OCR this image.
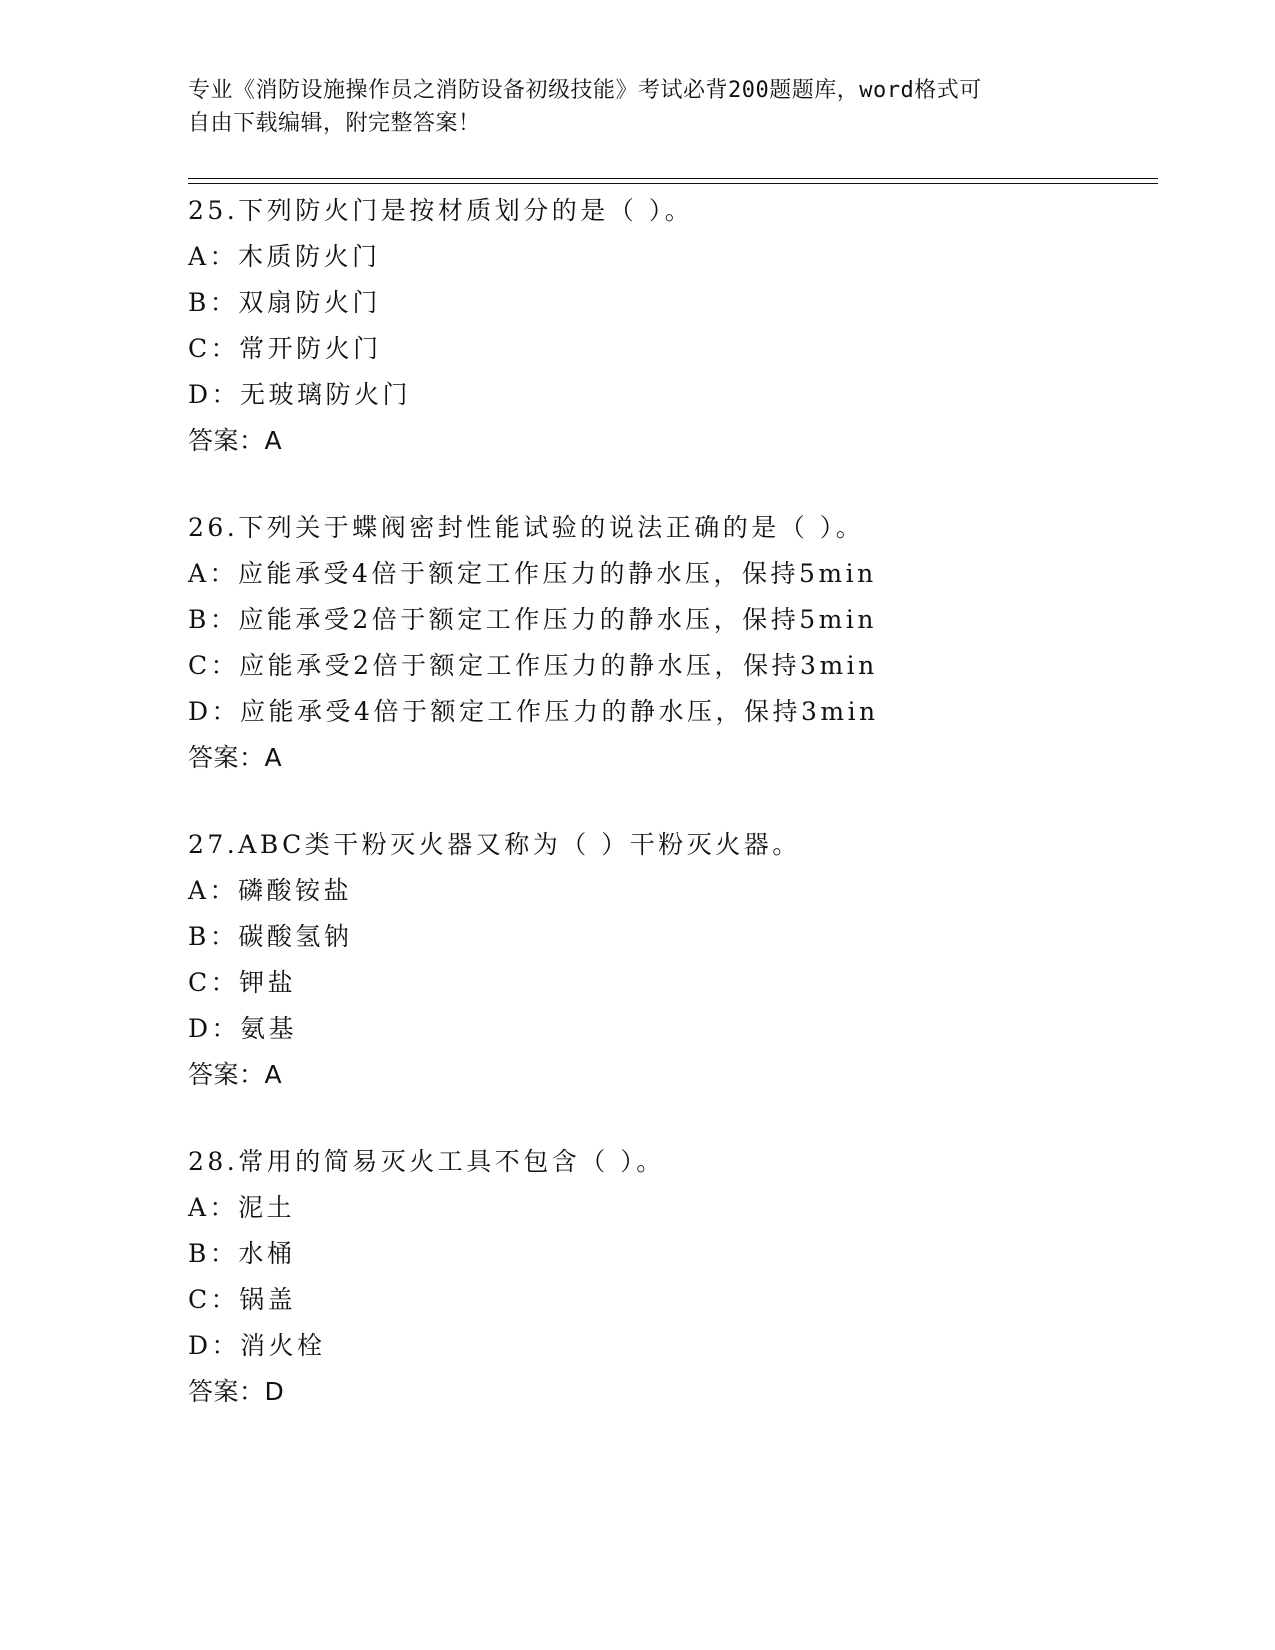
专业《消防设施操作员之消防设备初级技能》考试必背200题题库，word格式可
自由下载编辑，附完整答案！
25.下列防火门是按材质划分的是（ ）。
A：木质防火门
B：双扇防火门
C：常开防火门
D：无玻璃防火门
答案：A
26.下列关于蝶阀密封性能试验的说法正确的是（ ）。
A：应能承受4倍于额定工作压力的静水压，保持5min
B：应能承受2倍于额定工作压力的静水压，保持5min
C：应能承受2倍于额定工作压力的静水压，保持3min
D：应能承受4倍于额定工作压力的静水压，保持3min
答案：A
27.ABC类干粉灭火器又称为（ ）干粉灭火器。
A：磷酸铵盐
B：碳酸氢钠
C：钾盐
D：氨基
答案：A
28.常用的简易灭火工具不包含（ ）。
A：泥土
B：水桶
C：锅盖
D：消火栓
答案：D
